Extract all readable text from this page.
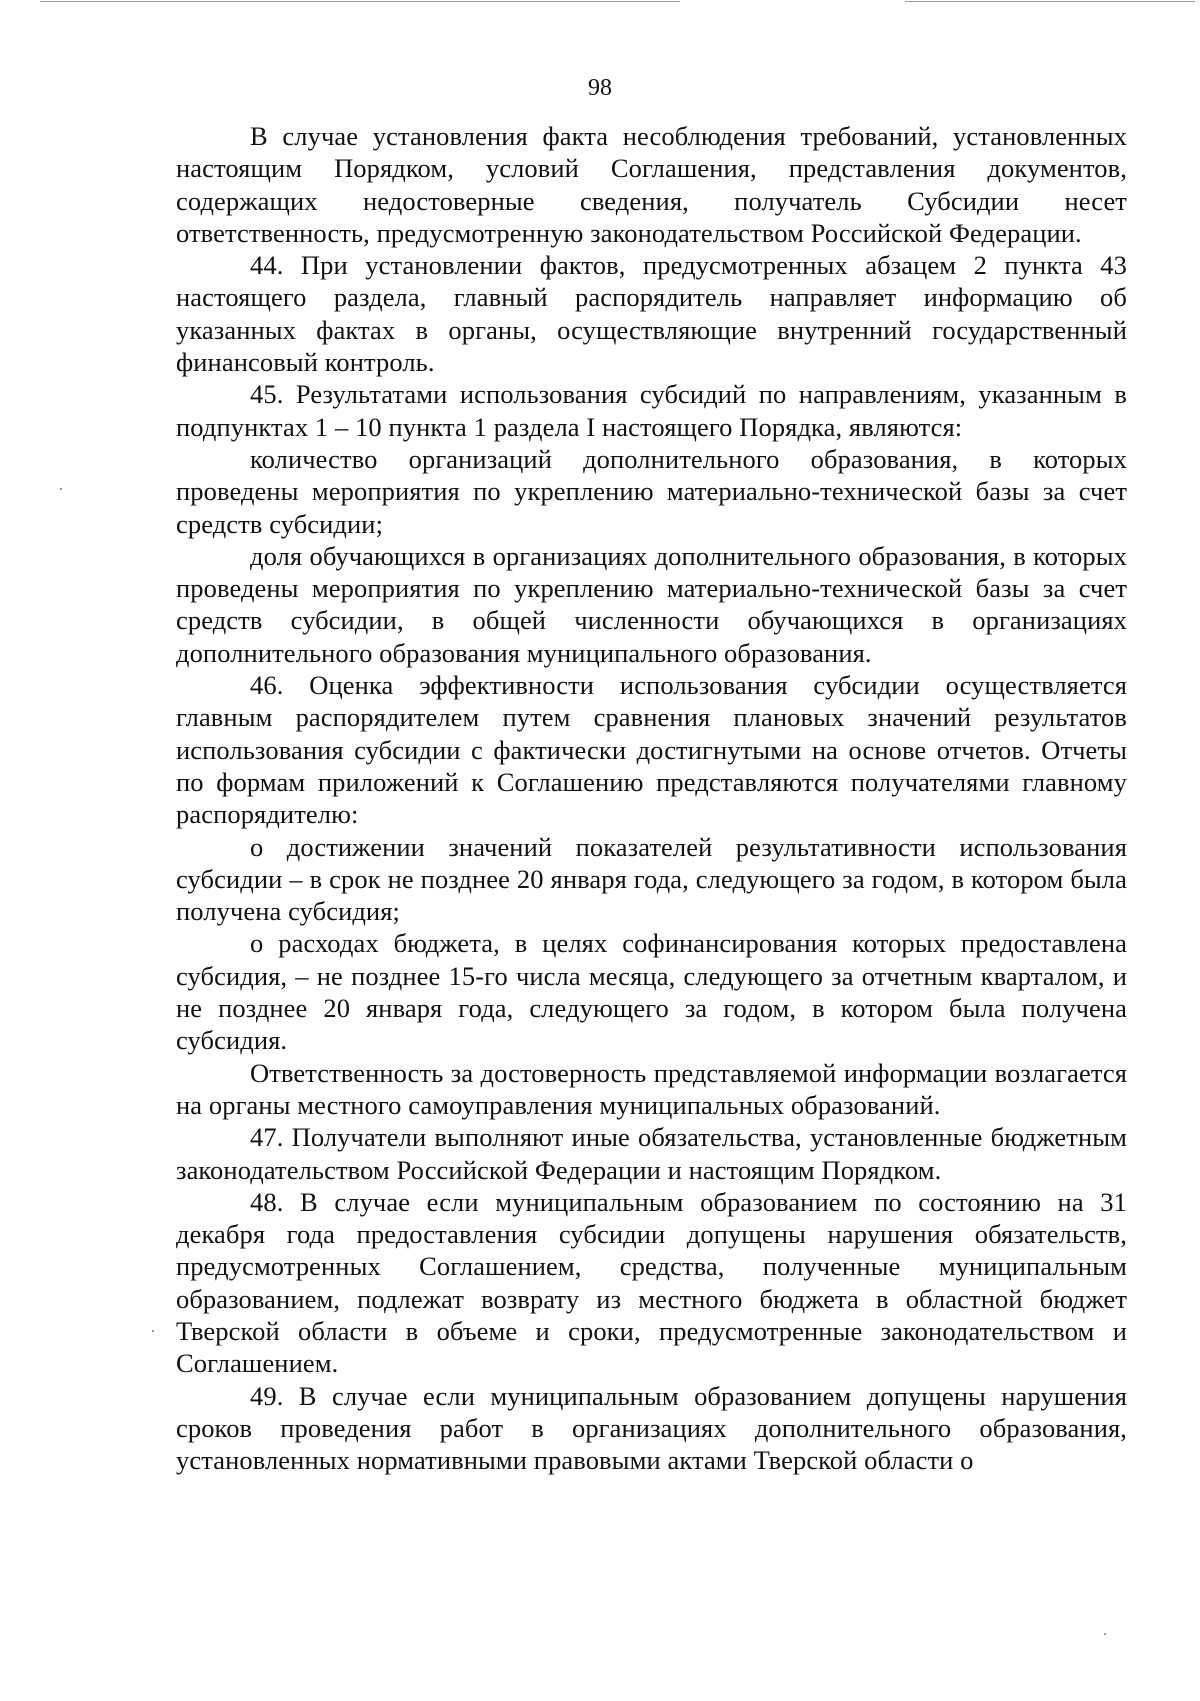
98

В случае установления факта несоблюдения требований, установленных настоящим Порядком, условий Соглашения, представления документов, содержащих недостоверные сведения, получатель Субсидии несет ответственность, предусмотренную законодательством Российской Федерации.

44. При установлении фактов, предусмотренных абзацем 2 пункта 43 настоящего раздела, главный распорядитель направляет информацию об указанных фактах в органы, осуществляющие внутренний государственный финансовый контроль.

45. Результатами использования субсидий по направлениям, указанным в подпунктах 1 – 10 пункта 1 раздела I настоящего Порядка, являются:

количество организаций дополнительного образования, в которых проведены мероприятия по укреплению материально-технической базы за счет средств субсидии;

доля обучающихся в организациях дополнительного образования, в которых проведены мероприятия по укреплению материально-технической базы за счет средств субсидии, в общей численности обучающихся в организациях дополнительного образования муниципального образования.

46. Оценка эффективности использования субсидии осуществляется главным распорядителем путем сравнения плановых значений результатов использования субсидии с фактически достигнутыми на основе отчетов. Отчеты по формам приложений к Соглашению представляются получателями главному распорядителю:

о достижении значений показателей результативности использования субсидии – в срок не позднее 20 января года, следующего за годом, в котором была получена субсидия;

о расходах бюджета, в целях софинансирования которых предоставлена субсидия, – не позднее 15-го числа месяца, следующего за отчетным кварталом, и не позднее 20 января года, следующего за годом, в котором была получена субсидия.

Ответственность за достоверность представляемой информации возлагается на органы местного самоуправления муниципальных образований.

47. Получатели выполняют иные обязательства, установленные бюджетным законодательством Российской Федерации и настоящим Порядком.

48. В случае если муниципальным образованием по состоянию на 31 декабря года предоставления субсидии допущены нарушения обязательств, предусмотренных Соглашением, средства, полученные муниципальным образованием, подлежат возврату из местного бюджета в областной бюджет Тверской области в объеме и сроки, предусмотренные законодательством и Соглашением.

49. В случае если муниципальным образованием допущены нарушения сроков проведения работ в организациях дополнительного образования, установленных нормативными правовыми актами Тверской области о
